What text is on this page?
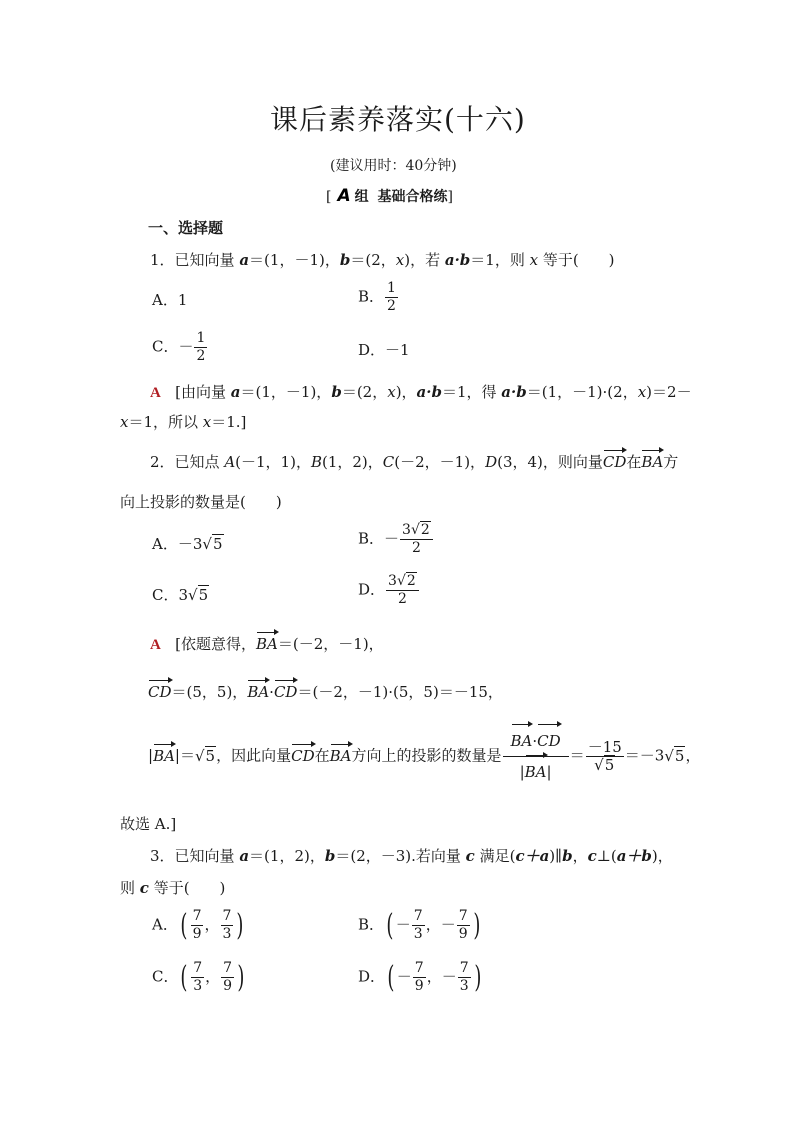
课后素养落实(十六)
(建议用时：40分钟)
[ A 组 基础合格练]
一、选择题
1．已知向量 a＝(1，－1)，b＝(2，x)，若 a·b＝1，则 x 等于(　　)
A．1	B． $\frac{1}{2}$
C．－ $\frac{1}{2}$	D．－1
A [由向量 a＝(1，－1)，b＝(2，x)，a·b＝1，得 a·b＝(1，－1)·(2，x)＝2－
x＝1，所以 x＝1.]
2．已知点 A(－1，1)，B(1，2)，C(－2，－1)，D(3，4)，则向量CD在BA方
向上投影的数量是(　　)
A．－3√5	B．－ $\frac{3√2}{2}$
C．3√5	D． $\frac{3√2}{2}$
A [依题意得，BA＝(－2，－1)，
CD＝(5，5)，BA·CD＝(－2，－1)·(5，5)＝－15，
|BA|＝√5，因此向量CD在BA方向上的投影的数量是 $\frac{BA\cdot CD}{|BA|} = \frac{-15}{√5} =-3√5$，
故选 A.]
3．已知向量 a＝(1，2)，b＝(2，－3).若向量 c 满足(c＋a)∥b，c⊥(a＋b)，
则 c 等于(　　)
A．( $\frac{7}{9}$ ， $\frac{7}{3}$ )	B．( － $\frac{7}{3}$ ，－ $\frac{7}{9}$ )
C．( $\frac{7}{3}$ ， $\frac{7}{9}$ )	D．( － $\frac{7}{9}$ ，－ $\frac{7}{3}$ )
